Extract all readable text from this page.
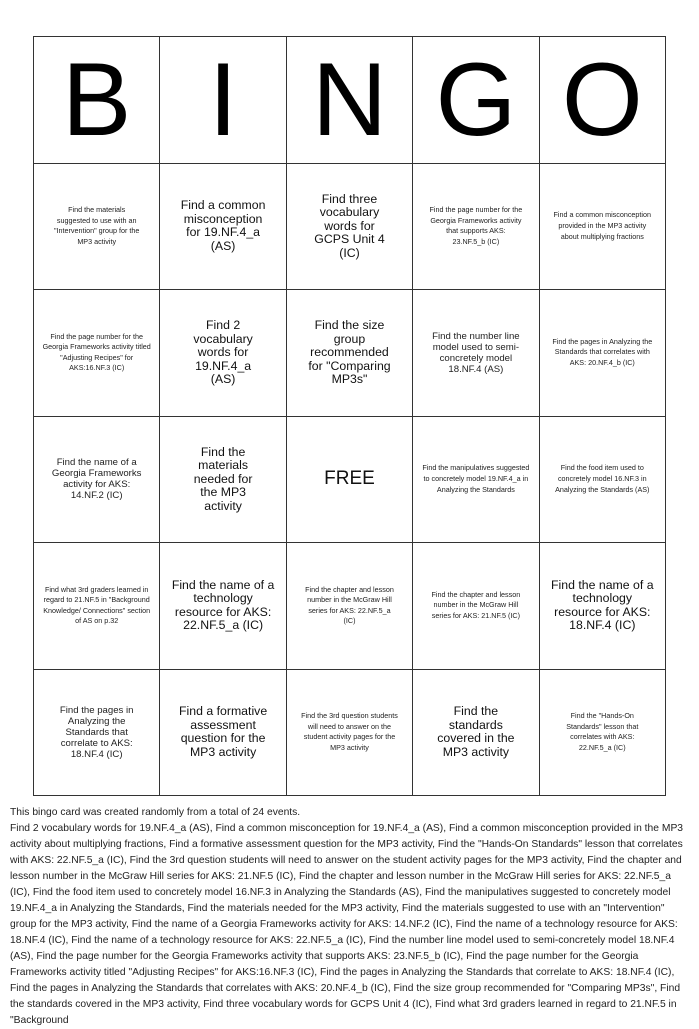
B I N G O
Find the materials suggested to use with an "Intervention" group for the MP3 activity
Find a common misconception for 19.NF.4_a (AS)
Find three vocabulary words for GCPS Unit 4 (IC)
Find the page number for the Georgia Frameworks activity that supports AKS: 23.NF.5_b (IC)
Find a common misconception provided in the MP3 activity about multiplying fractions
Find the page number for the Georgia Frameworks activity titled "Adjusting Recipes" for AKS:16.NF.3 (IC)
Find 2 vocabulary words for 19.NF.4_a (AS)
Find the size group recommended for "Comparing MP3s"
Find the number line model used to semi-concretely model 18.NF.4 (AS)
Find the pages in Analyzing the Standards that correlates with AKS: 20.NF.4_b (IC)
Find the name of a Georgia Frameworks activity for AKS: 14.NF.2 (IC)
Find the materials needed for the MP3 activity
FREE
Find the manipulatives suggested to concretely model 19.NF.4_a in Analyzing the Standards
Find the food item used to concretely model 16.NF.3 in Analyzing the Standards (AS)
Find what 3rd graders learned in regard to 21.NF.5 in "Background Knowledge/ Connections" section of AS on p.32
Find the name of a technology resource for AKS: 22.NF.5_a (IC)
Find the chapter and lesson number in the McGraw Hill series for AKS: 22.NF.5_a (IC)
Find the chapter and lesson number in the McGraw Hill series for AKS: 21.NF.5 (IC)
Find the name of a technology resource for AKS: 18.NF.4 (IC)
Find the pages in Analyzing the Standards that correlate to AKS: 18.NF.4 (IC)
Find a formative assessment question for the MP3 activity
Find the 3rd question students will need to answer on the student activity pages for the MP3 activity
Find the standards covered in the MP3 activity
Find the "Hands-On Standards" lesson that correlates with AKS: 22.NF.5_a (IC)

This bingo card was created randomly from a total of 24 events.

Find 2 vocabulary words for 19.NF.4_a (AS), Find a common misconception for 19.NF.4_a (AS), Find a common misconception provided in the MP3 activity about multiplying fractions, Find a formative assessment question for the MP3 activity, Find the "Hands-On Standards" lesson that correlates with AKS: 22.NF.5_a (IC), Find the 3rd question students will need to answer on the student activity pages for the MP3 activity, Find the chapter and lesson number in the McGraw Hill series for AKS: 21.NF.5 (IC), Find the chapter and lesson number in the McGraw Hill series for AKS: 22.NF.5_a (IC), Find the food item used to concretely model 16.NF.3 in Analyzing the Standards (AS), Find the manipulatives suggested to concretely model 19.NF.4_a in Analyzing the Standards, Find the materials needed for the MP3 activity, Find the materials suggested to use with an "Intervention" group for the MP3 activity, Find the name of a Georgia Frameworks activity for AKS: 14.NF.2 (IC), Find the name of a technology resource for AKS: 18.NF.4 (IC), Find the name of a technology resource for AKS: 22.NF.5_a (IC), Find the number line model used to semi-concretely model 18.NF.4 (AS), Find the page number for the Georgia Frameworks activity that supports AKS: 23.NF.5_b (IC), Find the page number for the Georgia Frameworks activity titled "Adjusting Recipes" for AKS:16.NF.3 (IC), Find the pages in Analyzing the Standards that correlate to AKS: 18.NF.4 (IC), Find the pages in Analyzing the Standards that correlates with AKS: 20.NF.4_b (IC), Find the size group recommended for "Comparing MP3s", Find the standards covered in the MP3 activity, Find three vocabulary words for GCPS Unit 4 (IC), Find what 3rd graders learned in regard to 21.NF.5 in "Background
